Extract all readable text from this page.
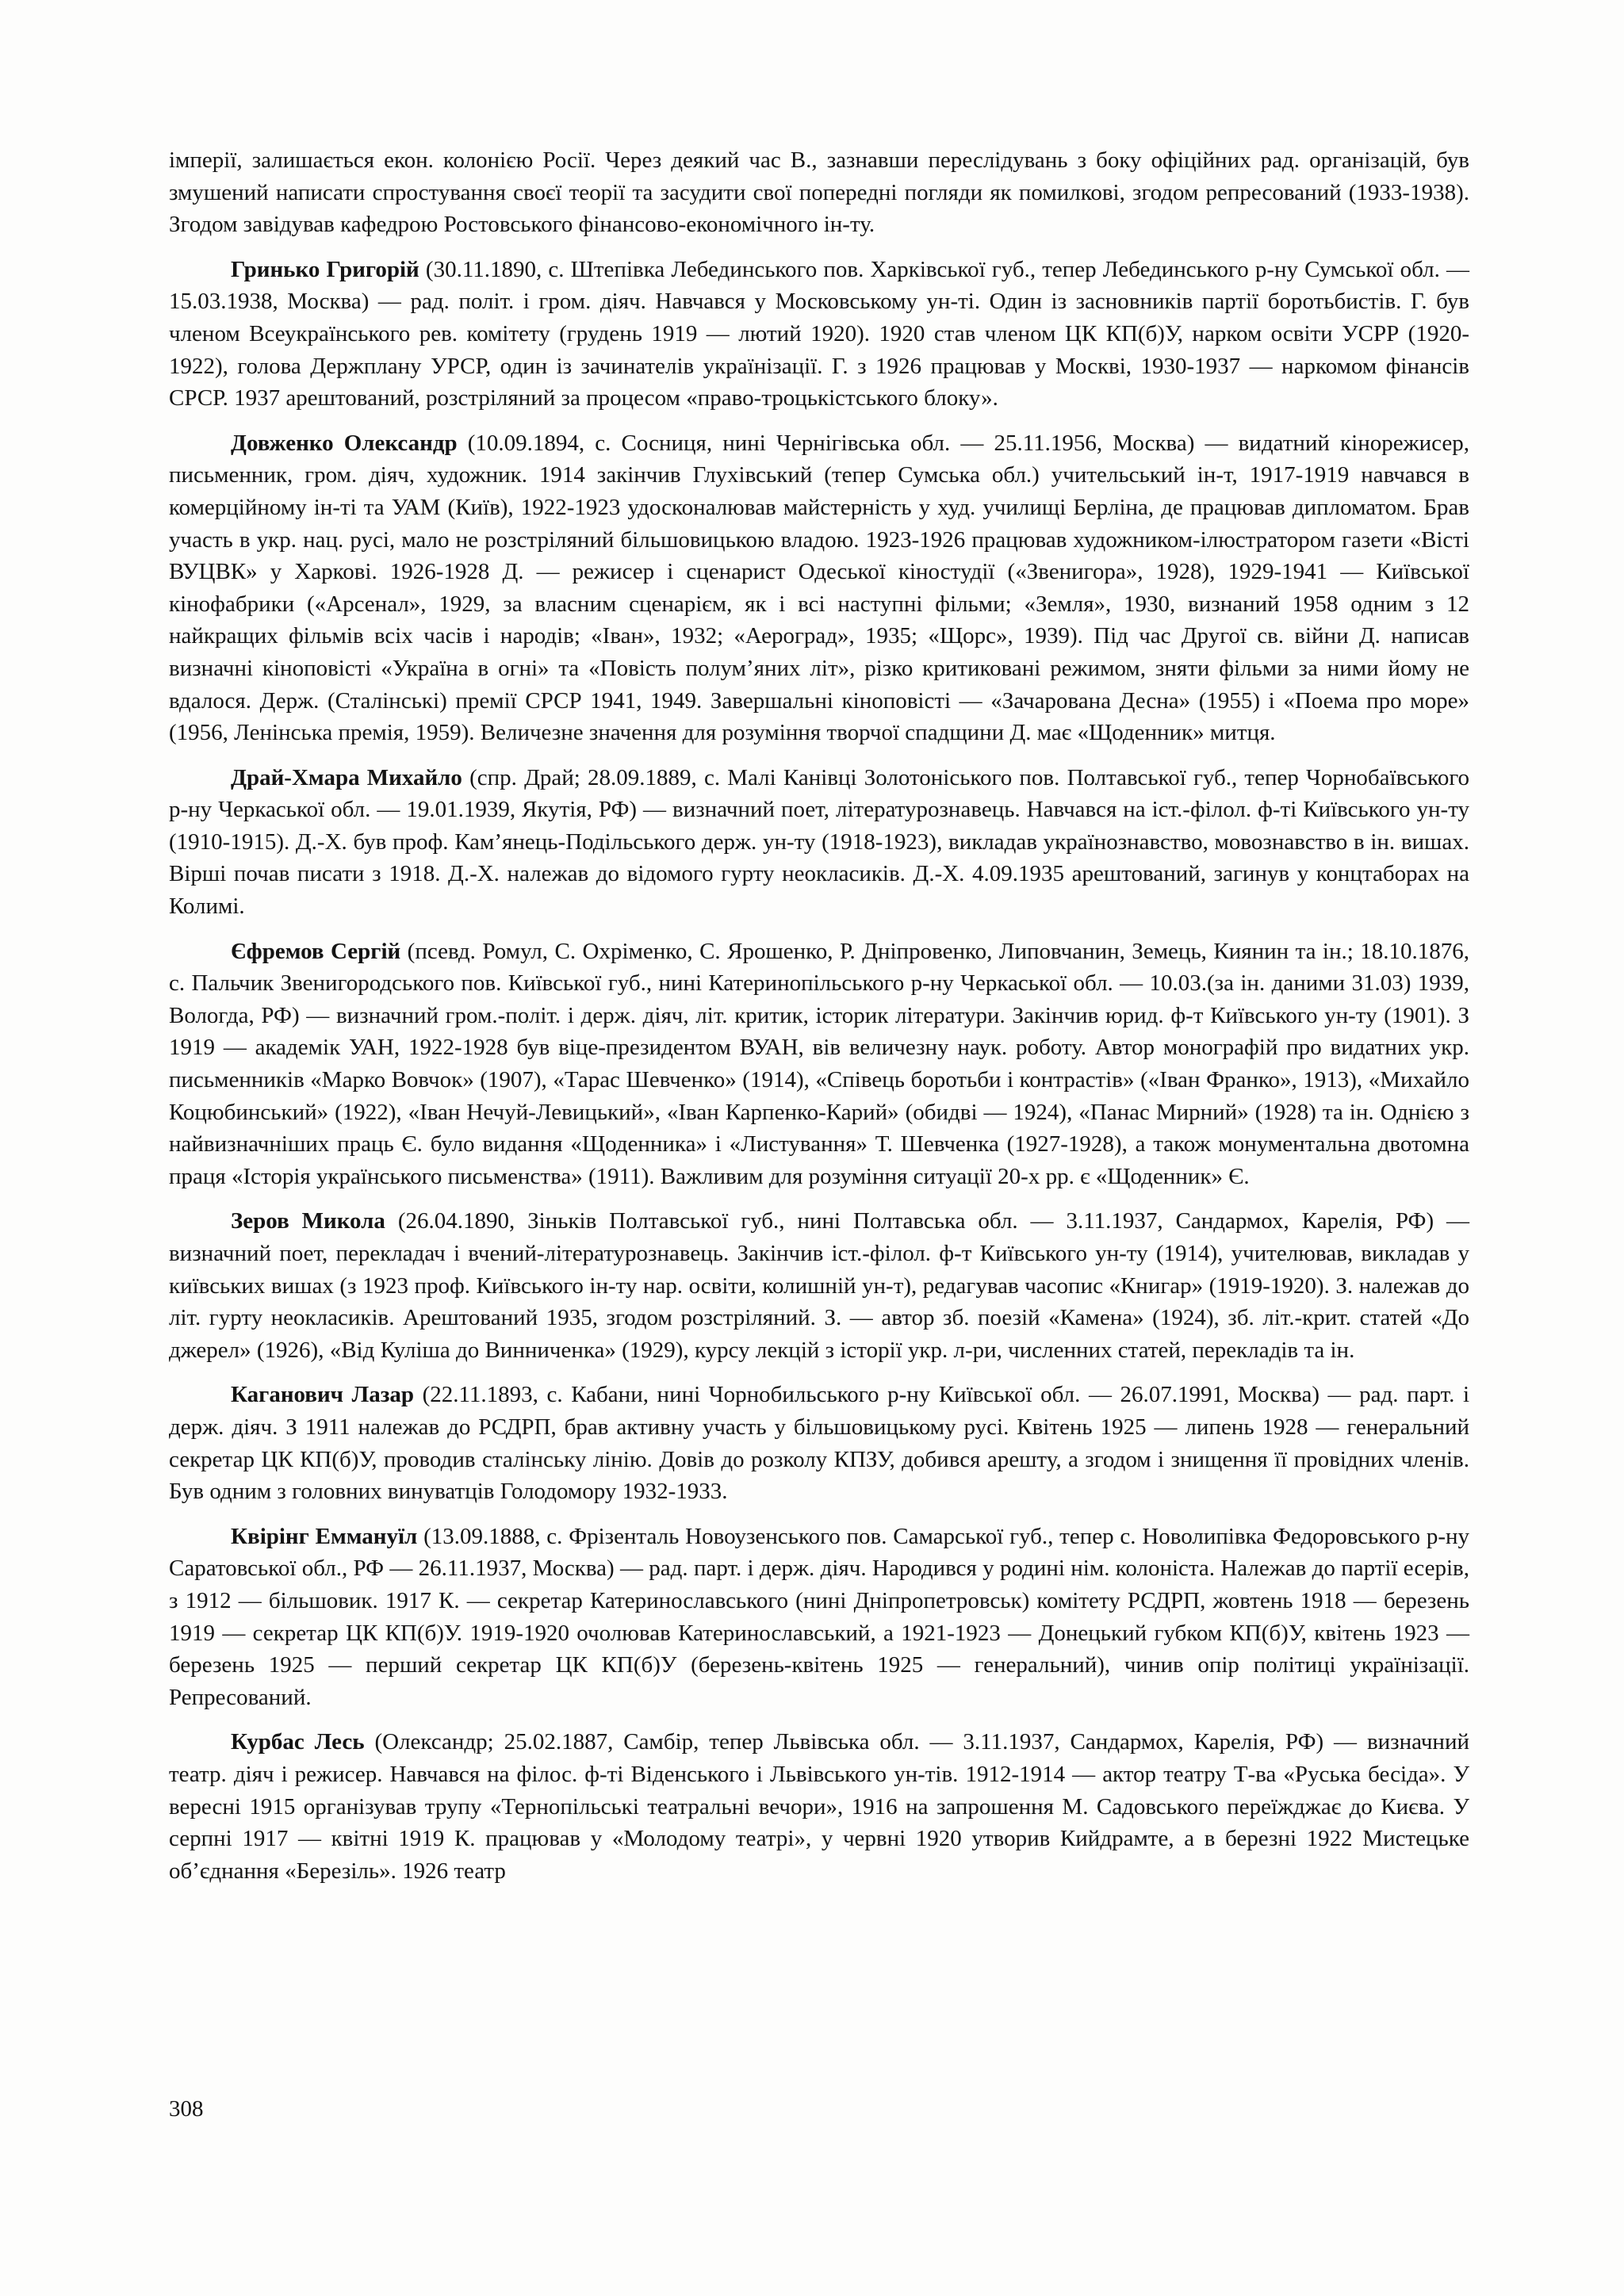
імперії, залишається екон. колонією Росії. Через деякий час В., зазнавши переслідувань з боку офіційних рад. організацій, був змушений написати спростування своєї теорії та засудити свої попередні погляди як помилкові, згодом репресований (1933-1938). Згодом завідував кафедрою Ростовського фінансово-економічного ін-ту.

Гринько Григорій (30.11.1890, с. Штепівка Лебединського пов. Харківської губ., тепер Лебединського р-ну Сумської обл. — 15.03.1938, Москва) — рад. політ. і гром. діяч. Навчався у Московському ун-ті. Один із засновників партії боротьбистів. Г. був членом Всеукраїнського рев. комітету (грудень 1919 — лютий 1920). 1920 став членом ЦК КП(б)У, нарком освіти УСРР (1920-1922), голова Держплану УРСР, один із зачинателів українізації. Г. з 1926 працював у Москві, 1930-1937 — наркомом фінансів СРСР. 1937 арештований, розстріляний за процесом «право-троцькістського блоку».

Довженко Олександр (10.09.1894, с. Сосниця, нині Чернігівська обл. — 25.11.1956, Москва) — видатний кінорежисер, письменник, гром. діяч, художник. 1914 закінчив Глухівський (тепер Сумська обл.) учительський ін-т, 1917-1919 навчався в комерційному ін-ті та УАМ (Київ), 1922-1923 удосконалював майстерність у худ. училищі Берліна, де працював дипломатом. Брав участь в укр. нац. русі, мало не розстріляний більшовицькою владою. 1923-1926 працював художником-ілюстратором газети «Вісті ВУЦВК» у Харкові. 1926-1928 Д. — режисер і сценарист Одеської кіностудії («Звенигора», 1928), 1929-1941 — Київської кінофабрики («Арсенал», 1929, за власним сценарієм, як і всі наступні фільми; «Земля», 1930, визнаний 1958 одним з 12 найкращих фільмів всіх часів і народів; «Іван», 1932; «Аероград», 1935; «Щорс», 1939). Під час Другої св. війни Д. написав визначні кіноповісті «Україна в огні» та «Повість полум’яних літ», різко критиковані режимом, зняти фільми за ними йому не вдалося. Держ. (Сталінські) премії СРСР 1941, 1949. Завершальні кіноповісті — «Зачарована Десна» (1955) і «Поема про море» (1956, Ленінська премія, 1959). Величезне значення для розуміння творчої спадщини Д. має «Щоденник» митця.

Драй-Хмара Михайло (спр. Драй; 28.09.1889, с. Малі Канівці Золотоніського пов. Полтавської губ., тепер Чорнобаївського р-ну Черкаської обл. — 19.01.1939, Якутія, РФ) — визначний поет, літературознавець. Навчався на іст.-філол. ф-ті Київського ун-ту (1910-1915). Д.-Х. був проф. Кам’янець-Подільського держ. ун-ту (1918-1923), викладав українознавство, мовознавство в ін. вишах. Вірші почав писати з 1918. Д.-Х. належав до відомого гурту неокласиків. Д.-Х. 4.09.1935 арештований, загинув у концтаборах на Колимі.

Єфремов Сергій (псевд. Ромул, С. Охріменко, С. Ярошенко, Р. Дніпровенко, Липовчанин, Земець, Киянин та ін.; 18.10.1876, с. Пальчик Звенигородського пов. Київської губ., нині Катеринопільського р-ну Черкаської обл. — 10.03.(за ін. даними 31.03) 1939, Вологда, РФ) — визначний гром.-політ. і держ. діяч, літ. критик, історик літератури. Закінчив юрид. ф-т Київського ун-ту (1901). З 1919 — академік УАН, 1922-1928 був віце-президентом ВУАН, вів величезну наук. роботу. Автор монографій про видатних укр. письменників «Марко Вовчок» (1907), «Тарас Шевченко» (1914), «Співець боротьби і контрастів» («Іван Франко», 1913), «Михайло Коцюбинський» (1922), «Іван Нечуй-Левицький», «Іван Карпенко-Карий» (обидві — 1924), «Панас Мирний» (1928) та ін. Однією з найвизначніших праць Є. було видання «Щоденника» і «Листування» Т. Шевченка (1927-1928), а також монументальна двотомна праця «Історія українського письменства» (1911). Важливим для розуміння ситуації 20-х рр. є «Щоденник» Є.

Зеров Микола (26.04.1890, Зіньків Полтавської губ., нині Полтавська обл. — 3.11.1937, Сандармох, Карелія, РФ) — визначний поет, перекладач і вчений-літературознавець. Закінчив іст.-філол. ф-т Київського ун-ту (1914), учителював, викладав у київських вишах (з 1923 проф. Київського ін-ту нар. освіти, колишній ун-т), редагував часопис «Книгар» (1919-1920). З. належав до літ. гурту неокласиків. Арештований 1935, згодом розстріляний. З. — автор зб. поезій «Камена» (1924), зб. літ.-крит. статей «До джерел» (1926), «Від Куліша до Винниченка» (1929), курсу лекцій з історії укр. л-ри, численних статей, перекладів та ін.

Каганович Лазар (22.11.1893, с. Кабани, нині Чорнобильського р-ну Київської обл. — 26.07.1991, Москва) — рад. парт. і держ. діяч. З 1911 належав до РСДРП, брав активну участь у більшовицькому русі. Квітень 1925 — липень 1928 — генеральний секретар ЦК КП(б)У, проводив сталінську лінію. Довів до розколу КПЗУ, добився арешту, а згодом і знищення її провідних членів. Був одним з головних винуватців Голодомору 1932-1933.

Квірінг Еммануїл (13.09.1888, с. Фрізенталь Новоузенського пов. Самарської губ., тепер с. Новолипівка Федоровського р-ну Саратовської обл., РФ — 26.11.1937, Москва) — рад. парт. і держ. діяч. Народився у родині нім. колоніста. Належав до партії есерів, з 1912 — більшовик. 1917 К. — секретар Катеринославського (нині Дніпропетровськ) комітету РСДРП, жовтень 1918 — березень 1919 — секретар ЦК КП(б)У. 1919-1920 очолював Катеринославський, а 1921-1923 — Донецький губком КП(б)У, квітень 1923 — березень 1925 — перший секретар ЦК КП(б)У (березень-квітень 1925 — генеральний), чинив опір політиці українізації. Репресований.

Курбас Лесь (Олександр; 25.02.1887, Самбір, тепер Львівська обл. — 3.11.1937, Сандармох, Карелія, РФ) — визначний театр. діяч і режисер. Навчався на філос. ф-ті Віденського і Львівського ун-тів. 1912-1914 — актор театру Т-ва «Руська бесіда». У вересні 1915 організував трупу «Тернопільські театральні вечори», 1916 на запрошення М. Садовського переїжджає до Києва. У серпні 1917 — квітні 1919 К. працював у «Молодому театрі», у червні 1920 утворив Кийдрамте, а в березні 1922 Мистецьке об’єднання «Березіль». 1926 театр

308
